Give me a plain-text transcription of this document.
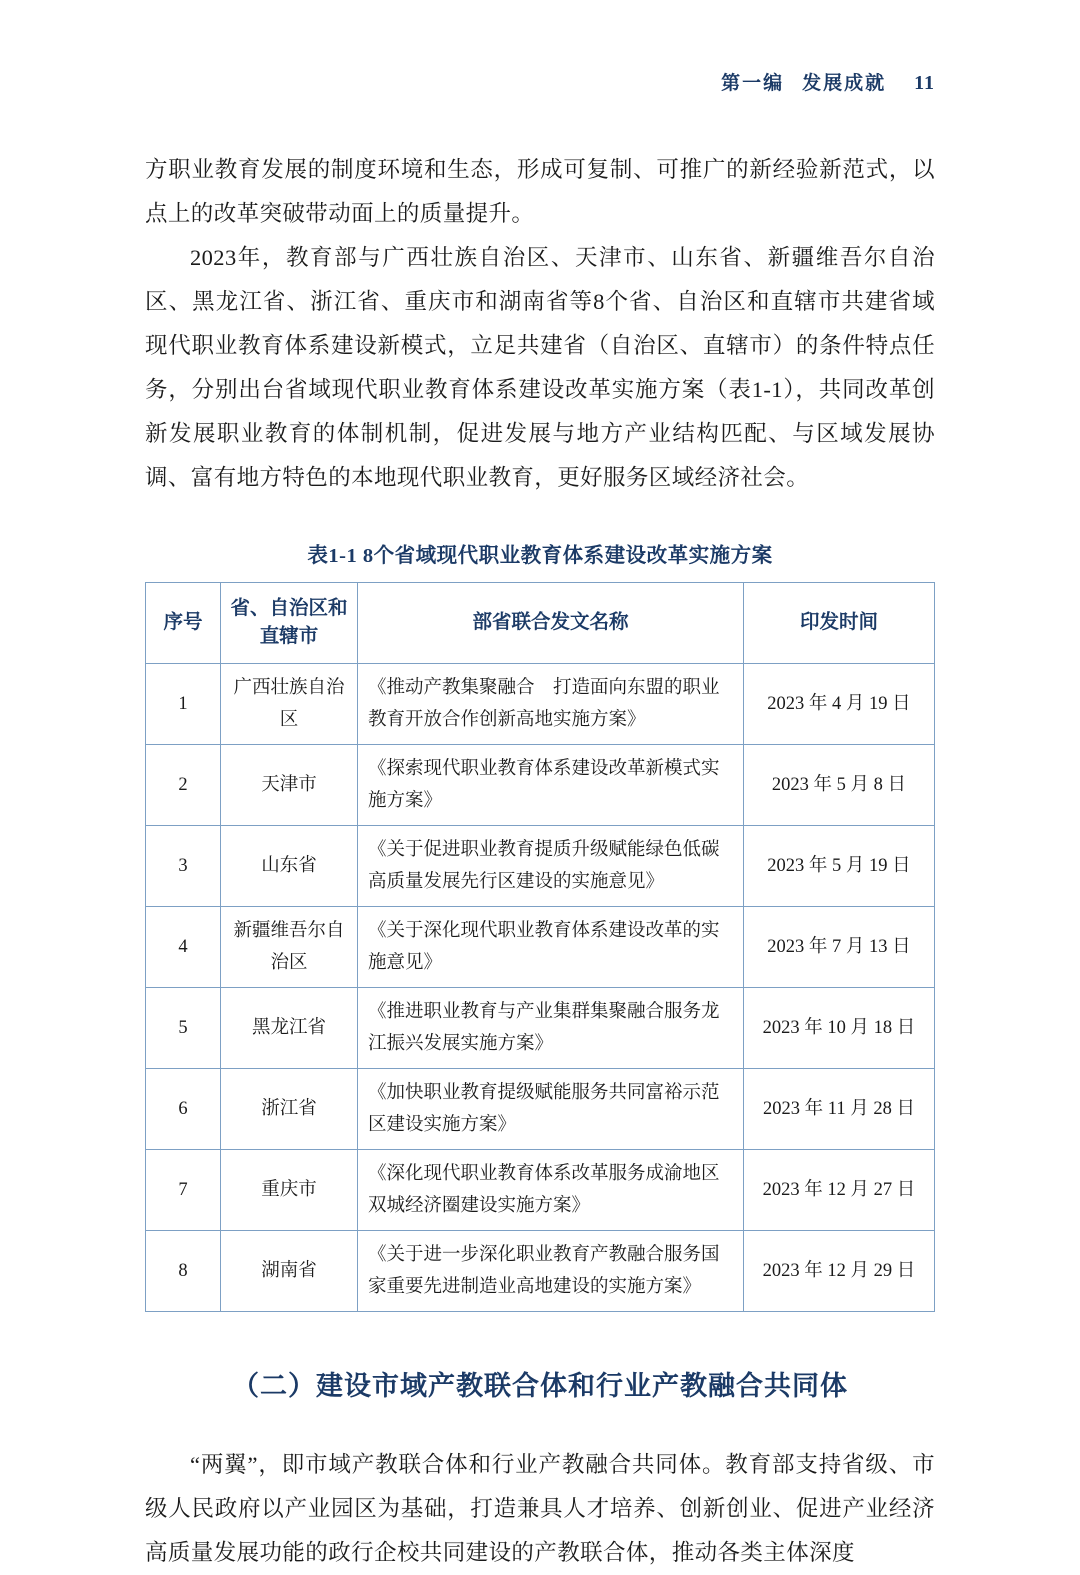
第一编 发展成就 11

方职业教育发展的制度环境和生态，形成可复制、可推广的新经验新范式，以点上的改革突破带动面上的质量提升。

2023年，教育部与广西壮族自治区、天津市、山东省、新疆维吾尔自治区、黑龙江省、浙江省、重庆市和湖南省等8个省、自治区和直辖市共建省域现代职业教育体系建设新模式，立足共建省（自治区、直辖市）的条件特点任务，分别出台省域现代职业教育体系建设改革实施方案（表1-1），共同改革创新发展职业教育的体制机制，促进发展与地方产业结构匹配、与区域发展协调、富有地方特色的本地现代职业教育，更好服务区域经济社会。

表1-1 8个省域现代职业教育体系建设改革实施方案
序号	省、自治区和直辖市	部省联合发文名称	印发时间
1	广西壮族自治区	《推动产教集聚融合　打造面向东盟的职业教育开放合作创新高地实施方案》	2023 年 4 月 19 日
2	天津市	《探索现代职业教育体系建设改革新模式实施方案》	2023 年 5 月 8 日
3	山东省	《关于促进职业教育提质升级赋能绿色低碳高质量发展先行区建设的实施意见》	2023 年 5 月 19 日
4	新疆维吾尔自治区	《关于深化现代职业教育体系建设改革的实施意见》	2023 年 7 月 13 日
5	黑龙江省	《推进职业教育与产业集群集聚融合服务龙江振兴发展实施方案》	2023 年 10 月 18 日
6	浙江省	《加快职业教育提级赋能服务共同富裕示范区建设实施方案》	2023 年 11 月 28 日
7	重庆市	《深化现代职业教育体系改革服务成渝地区双城经济圈建设实施方案》	2023 年 12 月 27 日
8	湖南省	《关于进一步深化职业教育产教融合服务国家重要先进制造业高地建设的实施方案》	2023 年 12 月 29 日
（二）建设市域产教联合体和行业产教融合共同体

“两翼”，即市域产教联合体和行业产教融合共同体。教育部支持省级、市级人民政府以产业园区为基础，打造兼具人才培养、创新创业、促进产业经济高质量发展功能的政行企校共同建设的产教联合体，推动各类主体深度
